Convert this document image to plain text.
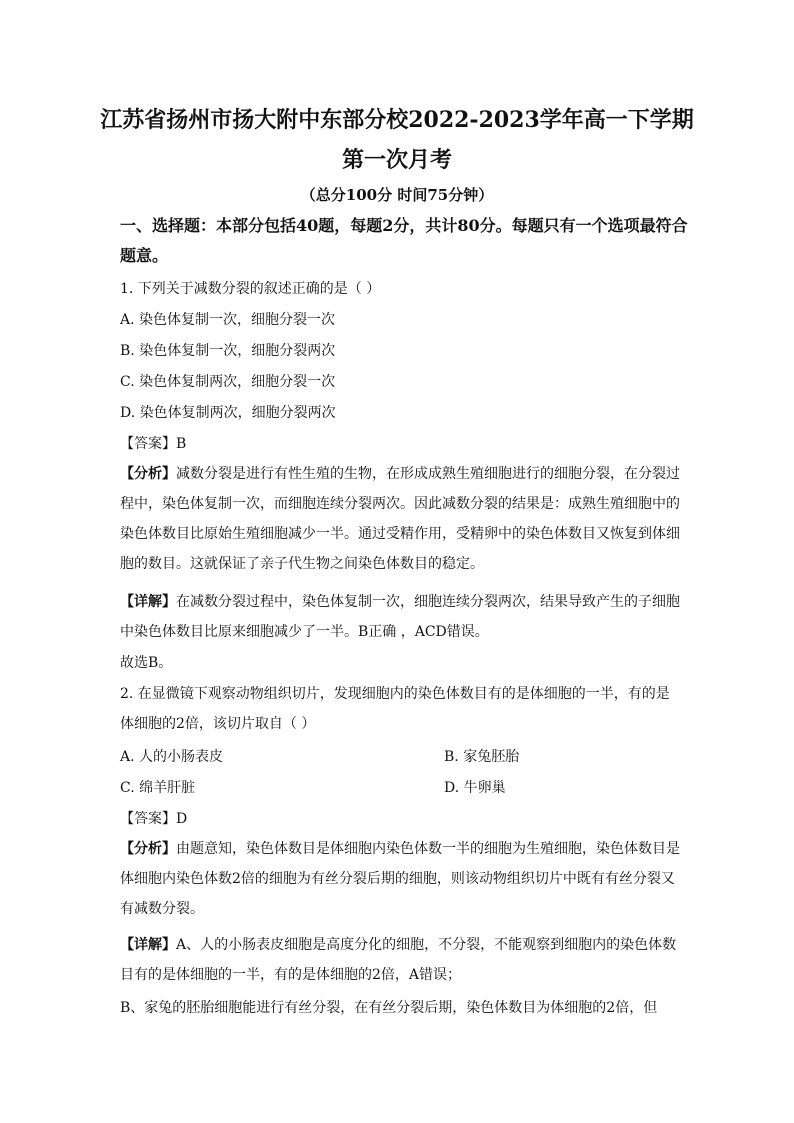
江苏省扬州市扬大附中东部分校2022-2023学年高一下学期
第一次月考
（总分100分 时间75分钟）
一、选择题：本部分包括40题，每题2分，共计80分。每题只有一个选项最符合题意。
1. 下列关于减数分裂的叙述正确的是（ ）
A. 染色体复制一次，细胞分裂一次
B. 染色体复制一次，细胞分裂两次
C. 染色体复制两次，细胞分裂一次
D. 染色体复制两次，细胞分裂两次
【答案】B
【分析】减数分裂是进行有性生殖的生物，在形成成熟生殖细胞进行的细胞分裂，在分裂过程中，染色体复制一次，而细胞连续分裂两次。因此减数分裂的结果是：成熟生殖细胞中的染色体数目比原始生殖细胞减少一半。通过受精作用，受精卵中的染色体数目又恢复到体细胞的数目。这就保证了亲子代生物之间染色体数目的稳定。
【详解】在减数分裂过程中，染色体复制一次，细胞连续分裂两次，结果导致产生的子细胞中染色体数目比原来细胞减少了一半。B正确 ，ACD错误。
故选B。
2. 在显微镜下观察动物组织切片，发现细胞内的染色体数目有的是体细胞的一半，有的是体细胞的2倍，该切片取自（ ）
A. 人的小肠表皮	B. 家兔胚胎
C. 绵羊肝脏	D. 牛卵巢
【答案】D
【分析】由题意知，染色体数目是体细胞内染色体数一半的细胞为生殖细胞，染色体数目是体细胞内染色体数2倍的细胞为有丝分裂后期的细胞，则该动物组织切片中既有有丝分裂又有减数分裂。
【详解】A、人的小肠表皮细胞是高度分化的细胞，不分裂，不能观察到细胞内的染色体数目有的是体细胞的一半，有的是体细胞的2倍，A错误；
B、家兔的胚胎细胞能进行有丝分裂，在有丝分裂后期，染色体数目为体细胞的2倍，但
